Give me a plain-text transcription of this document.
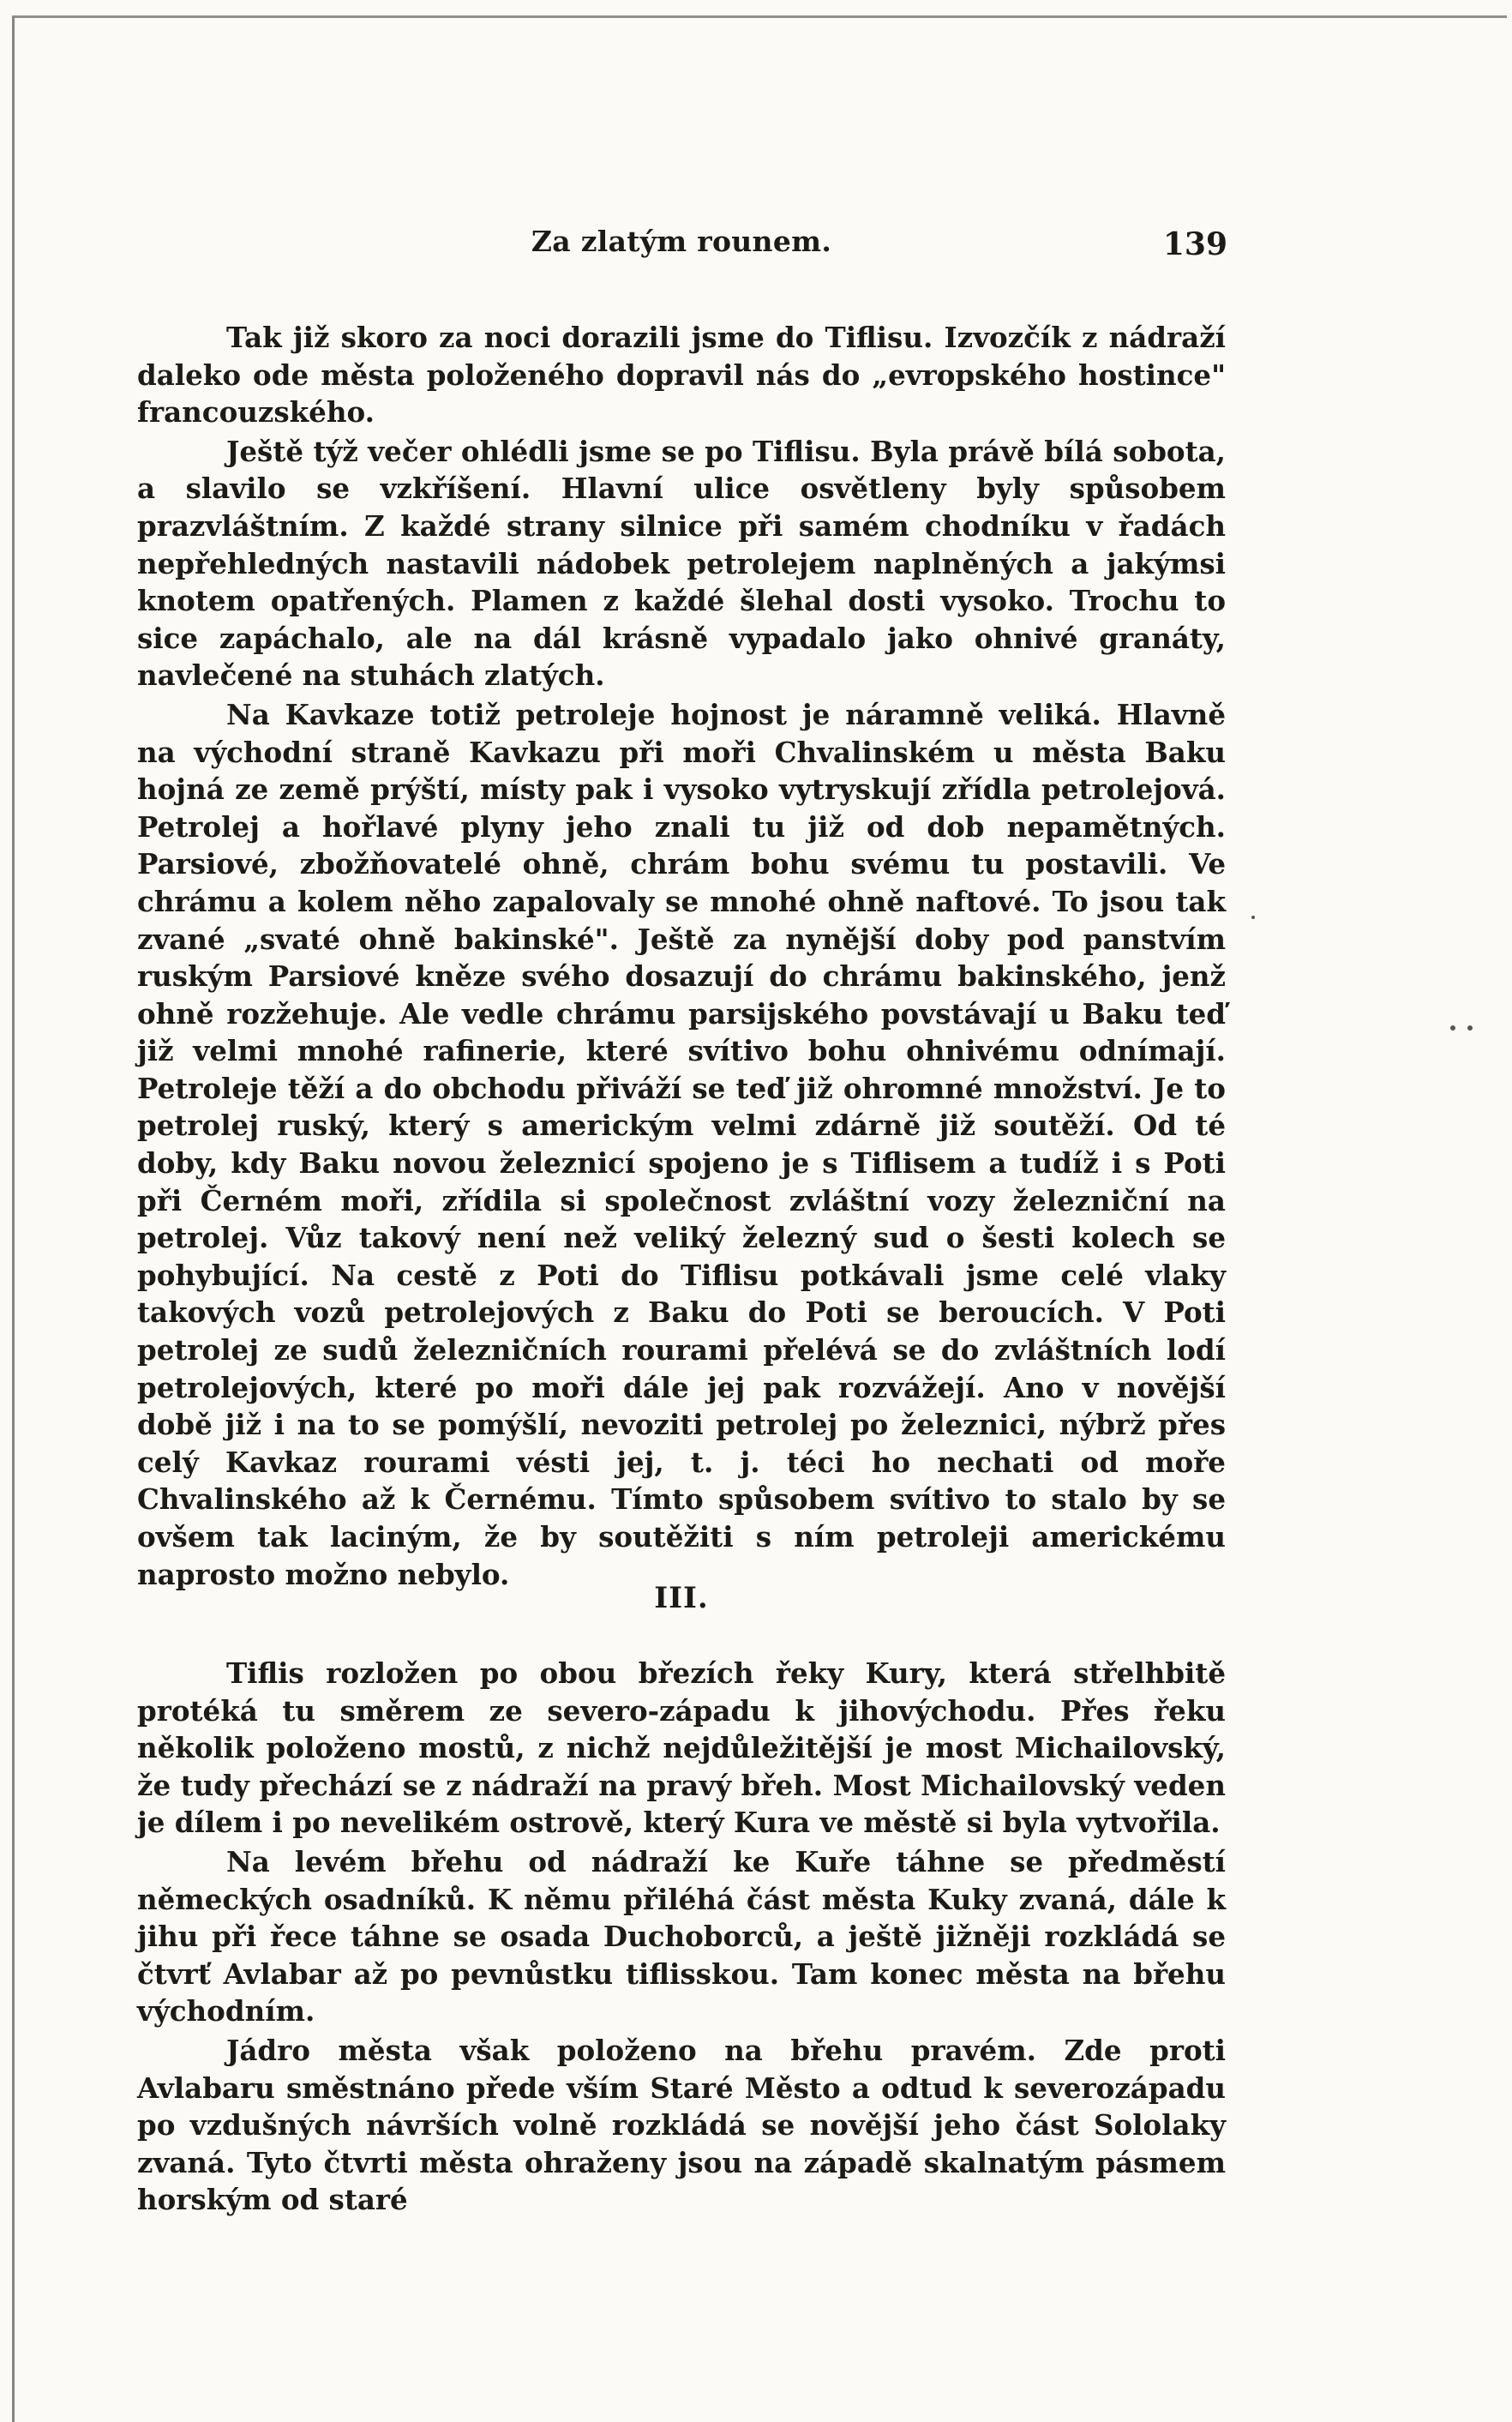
Za zlatým rounem.	139

Tak již skoro za noci dorazili jsme do Tiflisu. Izvozčík z nádraží daleko ode města položeného dopravil nás do „evropského hostince" francouzského.

Ještě týž večer ohlédli jsme se po Tiflisu. Byla právě bílá sobota, a slavilo se vzkříšení. Hlavní ulice osvětleny byly spůsobem prazvláštním. Z každé strany silnice při samém chodníku v řadách nepřehledných nastavili nádobek petrolejem naplněných a jakýmsi knotem opatřených. Plamen z každé šlehal dosti vysoko. Trochu to sice zapáchalo, ale na dál krásně vypadalo jako ohnivé granáty, navlečené na stuhách zlatých.

Na Kavkaze totiž petroleje hojnost je náramně veliká. Hlavně na východní straně Kavkazu při moři Chvalinském u města Baku hojná ze země prýští, místy pak i vysoko vytryskují zřídla petrolejová. Petrolej a hořlavé plyny jeho znali tu již od dob nepamětných. Parsiové, zbožňovatelé ohně, chrám bohu svému tu postavili. Ve chrámu a kolem něho zapalovaly se mnohé ohně naftové. To jsou tak zvané „svaté ohně bakinské". Ještě za nynější doby pod panstvím ruským Parsiové kněze svého dosazují do chrámu bakinského, jenž ohně rozžehuje. Ale vedle chrámu parsijského povstávají u Baku teď již velmi mnohé rafinerie, které svítivo bohu ohnivému odnímají. Petroleje těží a do obchodu přiváží se teď již ohromné množství. Je to petrolej ruský, který s americkým velmi zdárně již soutěží. Od té doby, kdy Baku novou železnicí spojeno je s Tiflisem a tudíž i s Poti při Černém moři, zřídila si společnost zvláštní vozy železniční na petrolej. Vůz takový není než veliký železný sud o šesti kolech se pohybující. Na cestě z Poti do Tiflisu potkávali jsme celé vlaky takových vozů petrolejových z Baku do Poti se beroucích. V Poti petrolej ze sudů železničních rourami přelévá se do zvláštních lodí petrolejových, které po moři dále jej pak rozvážejí. Ano v novější době již i na to se pomýšlí, nevoziti petrolej po železnici, nýbrž přes celý Kavkaz rourami vésti jej, t. j. téci ho nechati od moře Chvalinského až k Černému. Tímto spůsobem svítivo to stalo by se ovšem tak laciným, že by soutěžiti s ním petroleji americkému naprosto možno nebylo.

III.

Tiflis rozložen po obou březích řeky Kury, která střelhbitě protéká tu směrem ze severo-západu k jihovýchodu. Přes řeku několik položeno mostů, z nichž nejdůležitější je most Michailovský, že tudy přechází se z nádraží na pravý břeh. Most Michailovský veden je dílem i po nevelikém ostrově, který Kura ve městě si byla vytvořila.

Na levém břehu od nádraží ke Kuře táhne se předměstí německých osadníků. K němu přiléhá část města Kuky zvaná, dále k jihu při řece táhne se osada Duchoborců, a ještě jižněji rozkládá se čtvrť Avlabar až po pevnůstku tiflisskou. Tam konec města na břehu východním.

Jádro města však položeno na břehu pravém. Zde proti Avlabaru směstnáno přede vším Staré Město a odtud k severozápadu po vzdušných návrších volně rozkládá se novější jeho část Sololaky zvaná. Tyto čtvrti města ohraženy jsou na západě skalnatým pásmem horským od staré
